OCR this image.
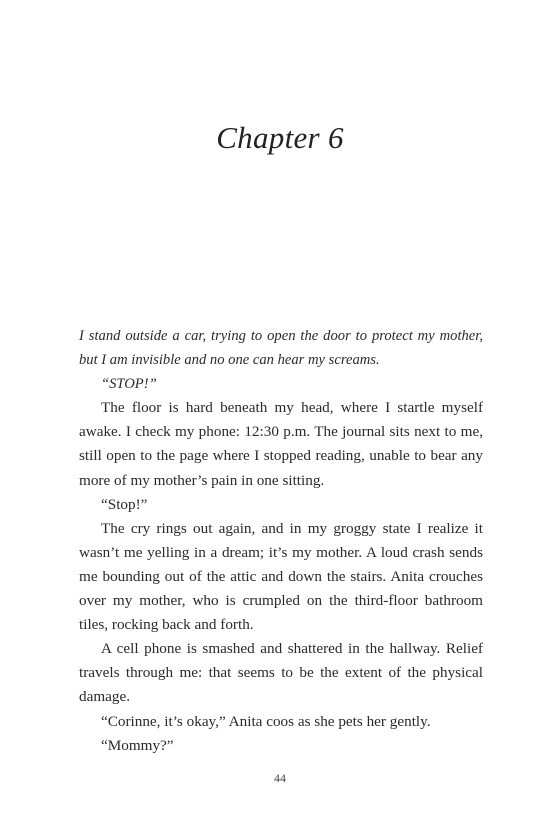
Chapter 6

I stand outside a car, trying to open the door to protect my mother, but I am invisible and no one can hear my screams.

“STOP!”

The floor is hard beneath my head, where I startle myself awake. I check my phone: 12:30 p.m. The journal sits next to me, still open to the page where I stopped reading, unable to bear any more of my mother’s pain in one sitting.

“Stop!”

The cry rings out again, and in my groggy state I realize it wasn’t me yelling in a dream; it’s my mother. A loud crash sends me bounding out of the attic and down the stairs. Anita crouches over my mother, who is crumpled on the third-floor bathroom tiles, rocking back and forth.

A cell phone is smashed and shattered in the hallway. Relief travels through me: that seems to be the extent of the physical damage.

“Corinne, it’s okay,” Anita coos as she pets her gently.

“Mommy?”

44
